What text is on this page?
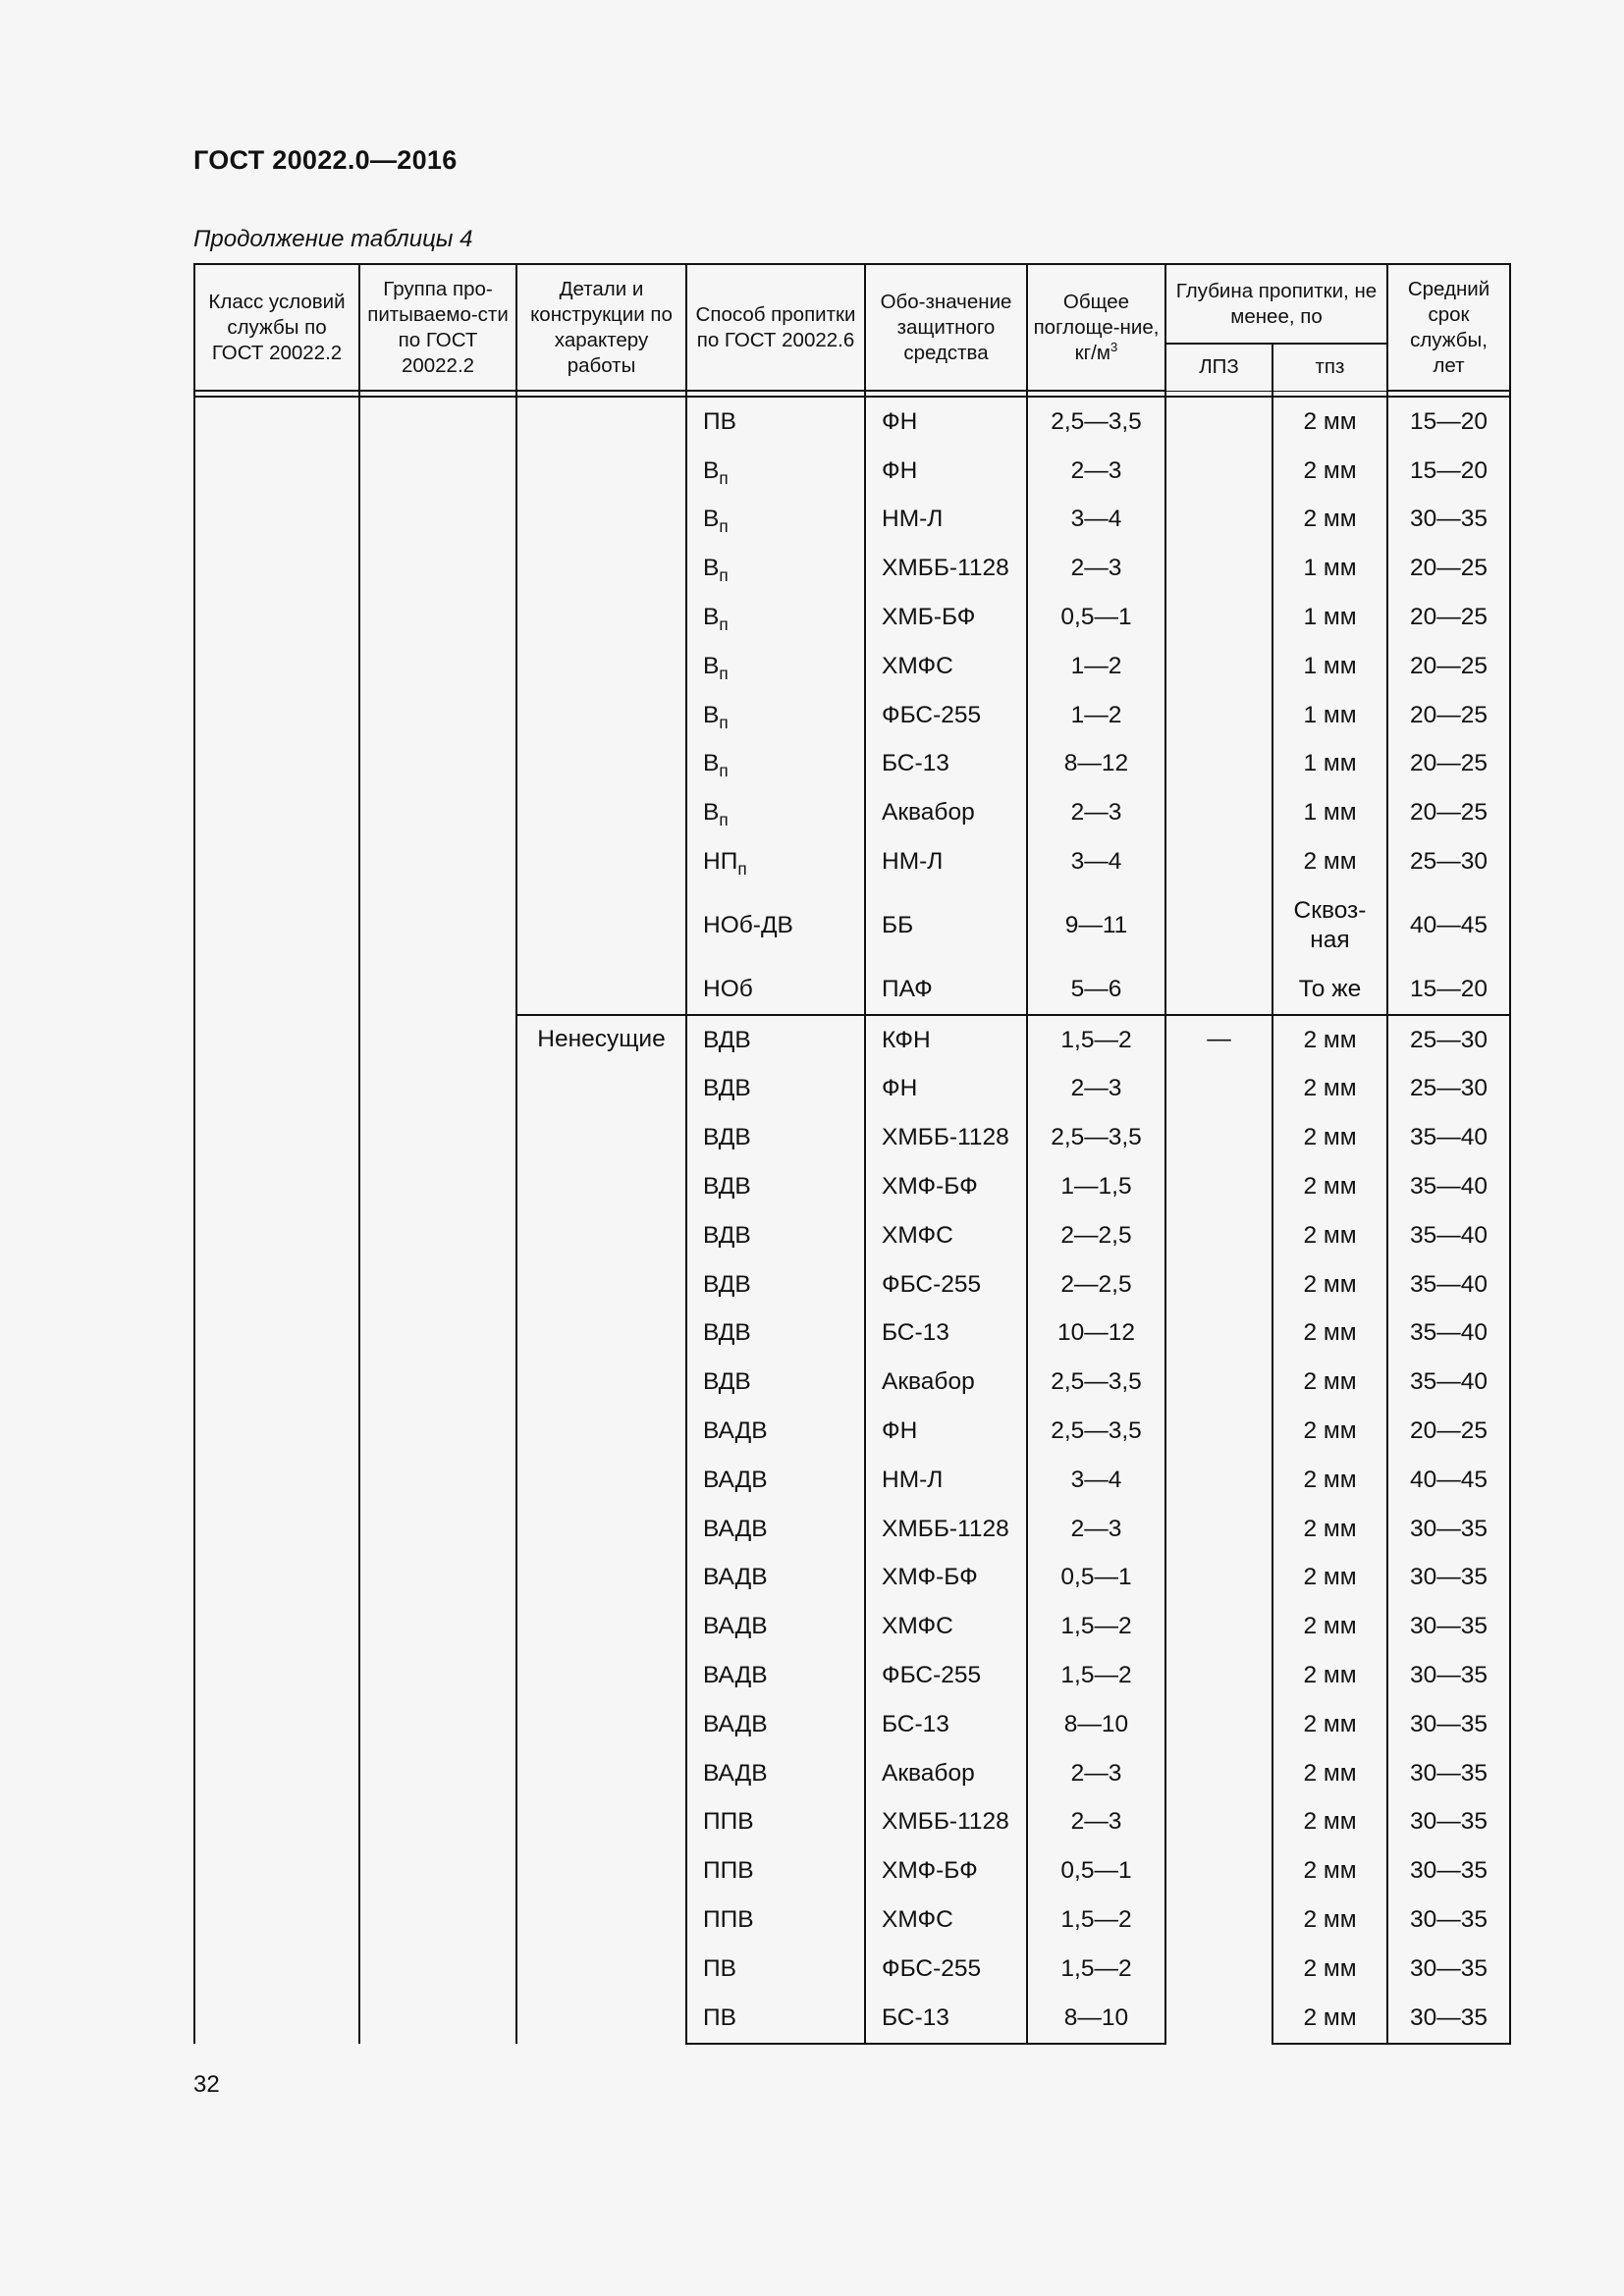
ГОСТ 20022.0—2016
Продолжение таблицы 4
Класс условий службы по ГОСТ 20022.2	Группа про-питываемо-сти по ГОСТ 20022.2	Детали и конструкции по характеру работы	Способ пропитки по ГОСТ 20022.6	Обо-значение защитного средства	Общее поглоще-ние, $кг/м^3$	Глубина пропитки, не менее, по		Средний срок службы, лет
						ЛПЗ	тпз	

			ПВ	ФН	2,5—3,5		2 мм	15—20
			$В_п$	ФН	2—3		2 мм	15—20
			$В_п$	НМ-Л	3—4		2 мм	30—35
			$В_п$	ХМББ-1128	2—3		1 мм	20—25
			$В_п$	ХМБ-БФ	0,5—1		1 мм	20—25
			$В_п$	ХМФС	1—2		1 мм	20—25
			$В_п$	ФБС-255	1—2		1 мм	20—25
			$В_п$	БС-13	8—12		1 мм	20—25
			$В_п$	Аквабор	2—3		1 мм	20—25
			$НП_п$	НМ-Л	3—4		2 мм	25—30
			НОб-ДВ	ББ	9—11		Сквоз-ная	40—45
			НОб	ПАФ	5—6		То же	15—20
		Ненесущие	ВДВ	КФН	1,5—2	—	2 мм	25—30
			ВДВ	ФН	2—3		2 мм	25—30
			ВДВ	ХМББ-1128	2,5—3,5		2 мм	35—40
			ВДВ	ХМФ-БФ	1—1,5		2 мм	35—40
			ВДВ	ХМФС	2—2,5		2 мм	35—40
			ВДВ	ФБС-255	2—2,5		2 мм	35—40
			ВДВ	БС-13	10—12		2 мм	35—40
			ВДВ	Аквабор	2,5—3,5		2 мм	35—40
			ВАДВ	ФН	2,5—3,5		2 мм	20—25
			ВАДВ	НМ-Л	3—4		2 мм	40—45
			ВАДВ	ХМББ-1128	2—3		2 мм	30—35
			ВАДВ	ХМФ-БФ	0,5—1		2 мм	30—35
			ВАДВ	ХМФС	1,5—2		2 мм	30—35
			ВАДВ	ФБС-255	1,5—2		2 мм	30—35
			ВАДВ	БС-13	8—10		2 мм	30—35
			ВАДВ	Аквабор	2—3		2 мм	30—35
			ППВ	ХМББ-1128	2—3		2 мм	30—35
			ППВ	ХМФ-БФ	0,5—1		2 мм	30—35
			ППВ	ХМФС	1,5—2		2 мм	30—35
			ПВ	ФБС-255	1,5—2		2 мм	30—35
			ПВ	БС-13	8—10		2 мм	30—35
32
